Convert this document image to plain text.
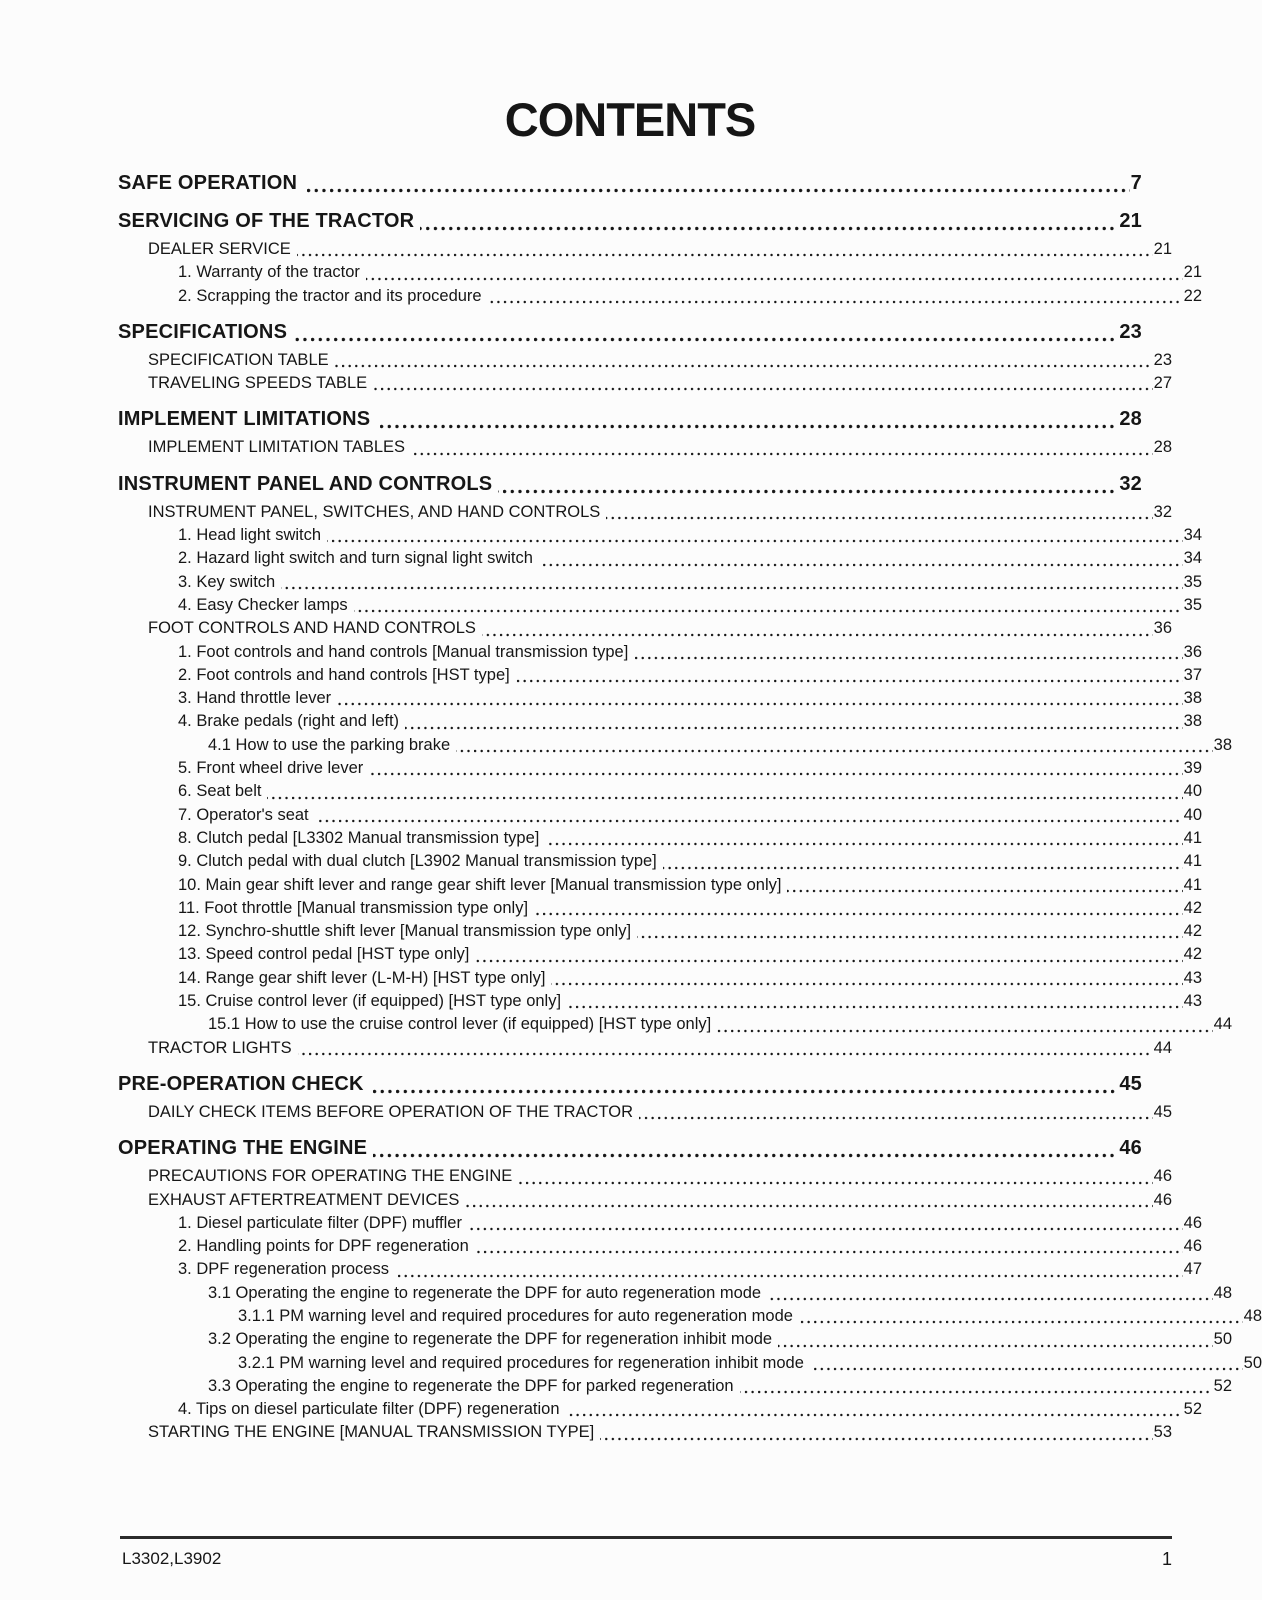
CONTENTS
SAFE OPERATION	7
SERVICING OF THE TRACTOR	21
DEALER SERVICE	21
1. Warranty of the tractor	21
2. Scrapping the tractor and its procedure	22
SPECIFICATIONS	23
SPECIFICATION TABLE	23
TRAVELING SPEEDS TABLE	27
IMPLEMENT LIMITATIONS	28
IMPLEMENT LIMITATION TABLES	28
INSTRUMENT PANEL AND CONTROLS	32
INSTRUMENT PANEL, SWITCHES, AND HAND CONTROLS	32
1. Head light switch	34
2. Hazard light switch and turn signal light switch	34
3. Key switch	35
4. Easy Checker lamps	35
FOOT CONTROLS AND HAND CONTROLS	36
1. Foot controls and hand controls [Manual transmission type]	36
2. Foot controls and hand controls [HST type]	37
3. Hand throttle lever	38
4. Brake pedals (right and left)	38
4.1 How to use the parking brake	38
5. Front wheel drive lever	39
6. Seat belt	40
7. Operator's seat	40
8. Clutch pedal [L3302 Manual transmission type]	41
9. Clutch pedal with dual clutch [L3902 Manual transmission type]	41
10. Main gear shift lever and range gear shift lever [Manual transmission type only]	41
11. Foot throttle [Manual transmission type only]	42
12. Synchro-shuttle shift lever [Manual transmission type only]	42
13. Speed control pedal [HST type only]	42
14. Range gear shift lever (L-M-H) [HST type only]	43
15. Cruise control lever (if equipped) [HST type only]	43
15.1 How to use the cruise control lever (if equipped) [HST type only]	44
TRACTOR LIGHTS	44
PRE-OPERATION CHECK	45
DAILY CHECK ITEMS BEFORE OPERATION OF THE TRACTOR	45
OPERATING THE ENGINE	46
PRECAUTIONS FOR OPERATING THE ENGINE	46
EXHAUST AFTERTREATMENT DEVICES	46
1. Diesel particulate filter (DPF) muffler	46
2. Handling points for DPF regeneration	46
3. DPF regeneration process	47
3.1 Operating the engine to regenerate the DPF for auto regeneration mode	48
3.1.1 PM warning level and required procedures for auto regeneration mode	48
3.2 Operating the engine to regenerate the DPF for regeneration inhibit mode	50
3.2.1 PM warning level and required procedures for regeneration inhibit mode	50
3.3 Operating the engine to regenerate the DPF for parked regeneration	52
4. Tips on diesel particulate filter (DPF) regeneration	52
STARTING THE ENGINE [MANUAL TRANSMISSION TYPE]	53
L3302,L3902	1
